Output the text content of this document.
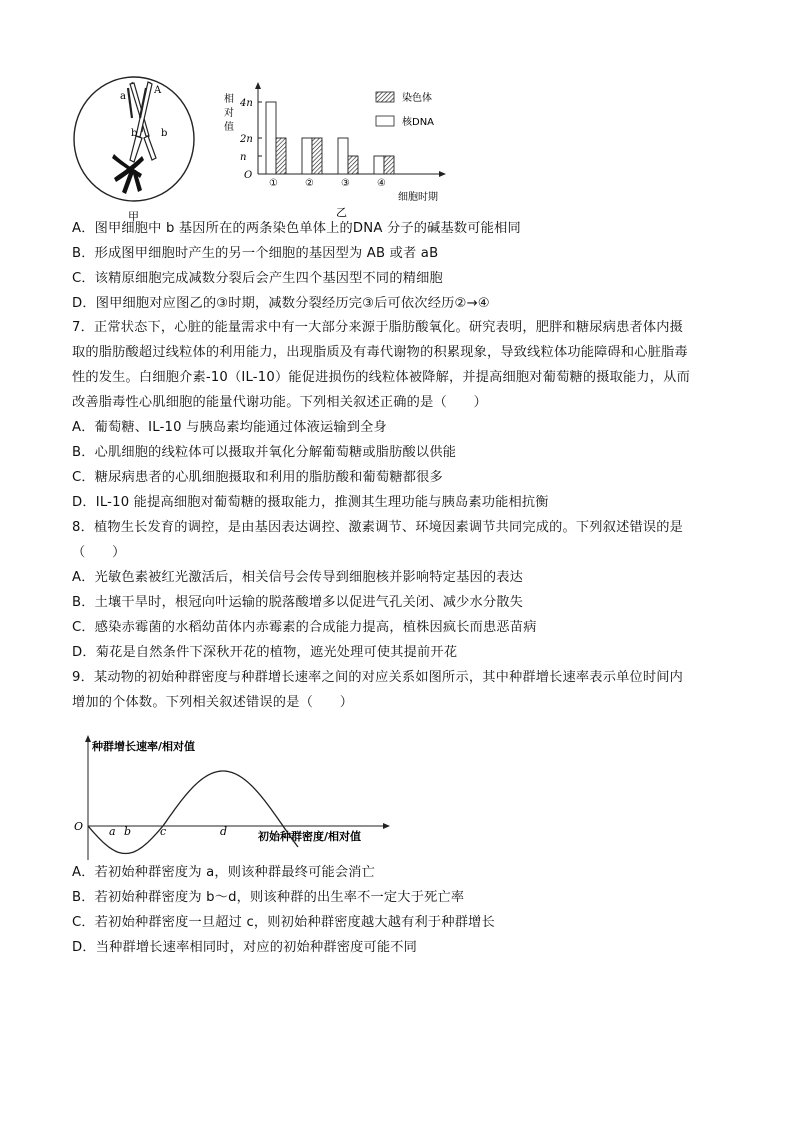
a
A
b b
甲
相
对
值
O
4n
2n
n
①	②	③	④
染色体
核DNA
细胞时期
乙
A．图甲细胞中 b 基因所在的两条染色单体上的DNA 分子的碱基数可能相同
B．形成图甲细胞时产生的另一个细胞的基因型为 AB 或者 aB
C．该精原细胞完成减数分裂后会产生四个基因型不同的精细胞
D．图甲细胞对应图乙的③时期，减数分裂经历完③后可依次经历②→④
7．正常状态下，心脏的能量需求中有一大部分来源于脂肪酸氧化。研究表明，肥胖和糖尿病患者体内摄
取的脂肪酸超过线粒体的利用能力，出现脂质及有毒代谢物的积累现象，导致线粒体功能障碍和心脏脂毒
性的发生。白细胞介素-10（IL-10）能促进损伤的线粒体被降解，并提高细胞对葡萄糖的摄取能力，从而
改善脂毒性心肌细胞的能量代谢功能。下列相关叙述正确的是（　　）
A．葡萄糖、IL-10 与胰岛素均能通过体液运输到全身
B．心肌细胞的线粒体可以摄取并氧化分解葡萄糖或脂肪酸以供能
C．糖尿病患者的心肌细胞摄取和利用的脂肪酸和葡萄糖都很多
D．IL-10 能提高细胞对葡萄糖的摄取能力，推测其生理功能与胰岛素功能相抗衡
8．植物生长发育的调控，是由基因表达调控、激素调节、环境因素调节共同完成的。下列叙述错误的是
（　　）
A．光敏色素被红光激活后，相关信号会传导到细胞核并影响特定基因的表达
B．土壤干旱时，根冠向叶运输的脱落酸增多以促进气孔关闭、减少水分散失
C．感染赤霉菌的水稻幼苗体内赤霉素的合成能力提高，植株因疯长而患恶苗病
D．菊花是自然条件下深秋开花的植物，遮光处理可使其提前开花
9．某动物的初始种群密度与种群增长速率之间的对应关系如图所示，其中种群增长速率表示单位时间内
增加的个体数。下列相关叙述错误的是（　　）
种群增长速率/相对值
初始种群密度/相对值
O a b	c	d
A．若初始种群密度为 a，则该种群最终可能会消亡
B．若初始种群密度为 b～d，则该种群的出生率不一定大于死亡率
C．若初始种群密度一旦超过 c，则初始种群密度越大越有利于种群增长
D．当种群增长速率相同时，对应的初始种群密度可能不同
